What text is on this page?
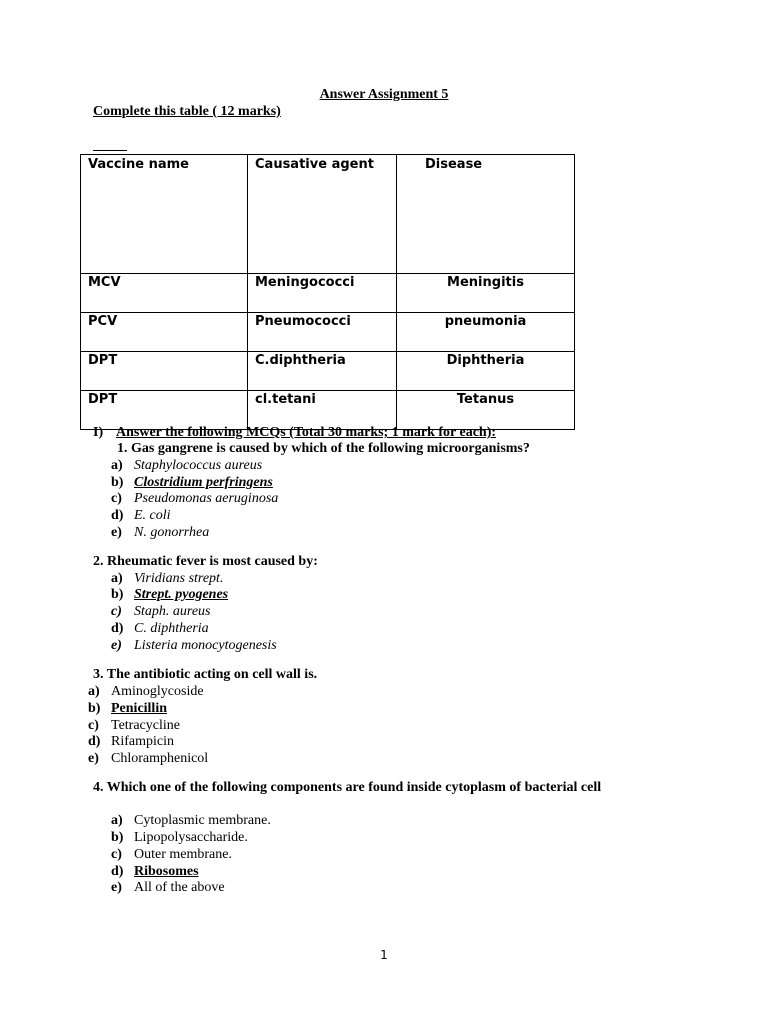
Answer Assignment 5
Complete this table ( 12 marks)
Vaccine name	Causative agent	Disease
MCV	Meningococci	Meningitis
PCV	Pneumococci	pneumonia
DPT	C.diphtheria	Diphtheria
DPT	cl.tetani	Tetanus
I) Answer the following MCQs (Total 30 marks; 1 mark for each):
1. Gas gangrene is caused by which of the following microorganisms?
a) Staphylococcus aureus
b) Clostridium perfringens
c) Pseudomonas aeruginosa
d) E. coli
e) N. gonorrhea
2. Rheumatic fever is most caused by:
a) Viridians strept.
b) Strept. pyogenes
c) Staph. aureus
d) C. diphtheria
e) Listeria monocytogenesis
3. The antibiotic acting on cell wall is.
a) Aminoglycoside
b) Penicillin
c) Tetracycline
d) Rifampicin
e) Chloramphenicol
4. Which one of the following components are found inside cytoplasm of bacterial cell
a) Cytoplasmic membrane.
b) Lipopolysaccharide.
c) Outer membrane.
d) Ribosomes
e) All of the above
1
